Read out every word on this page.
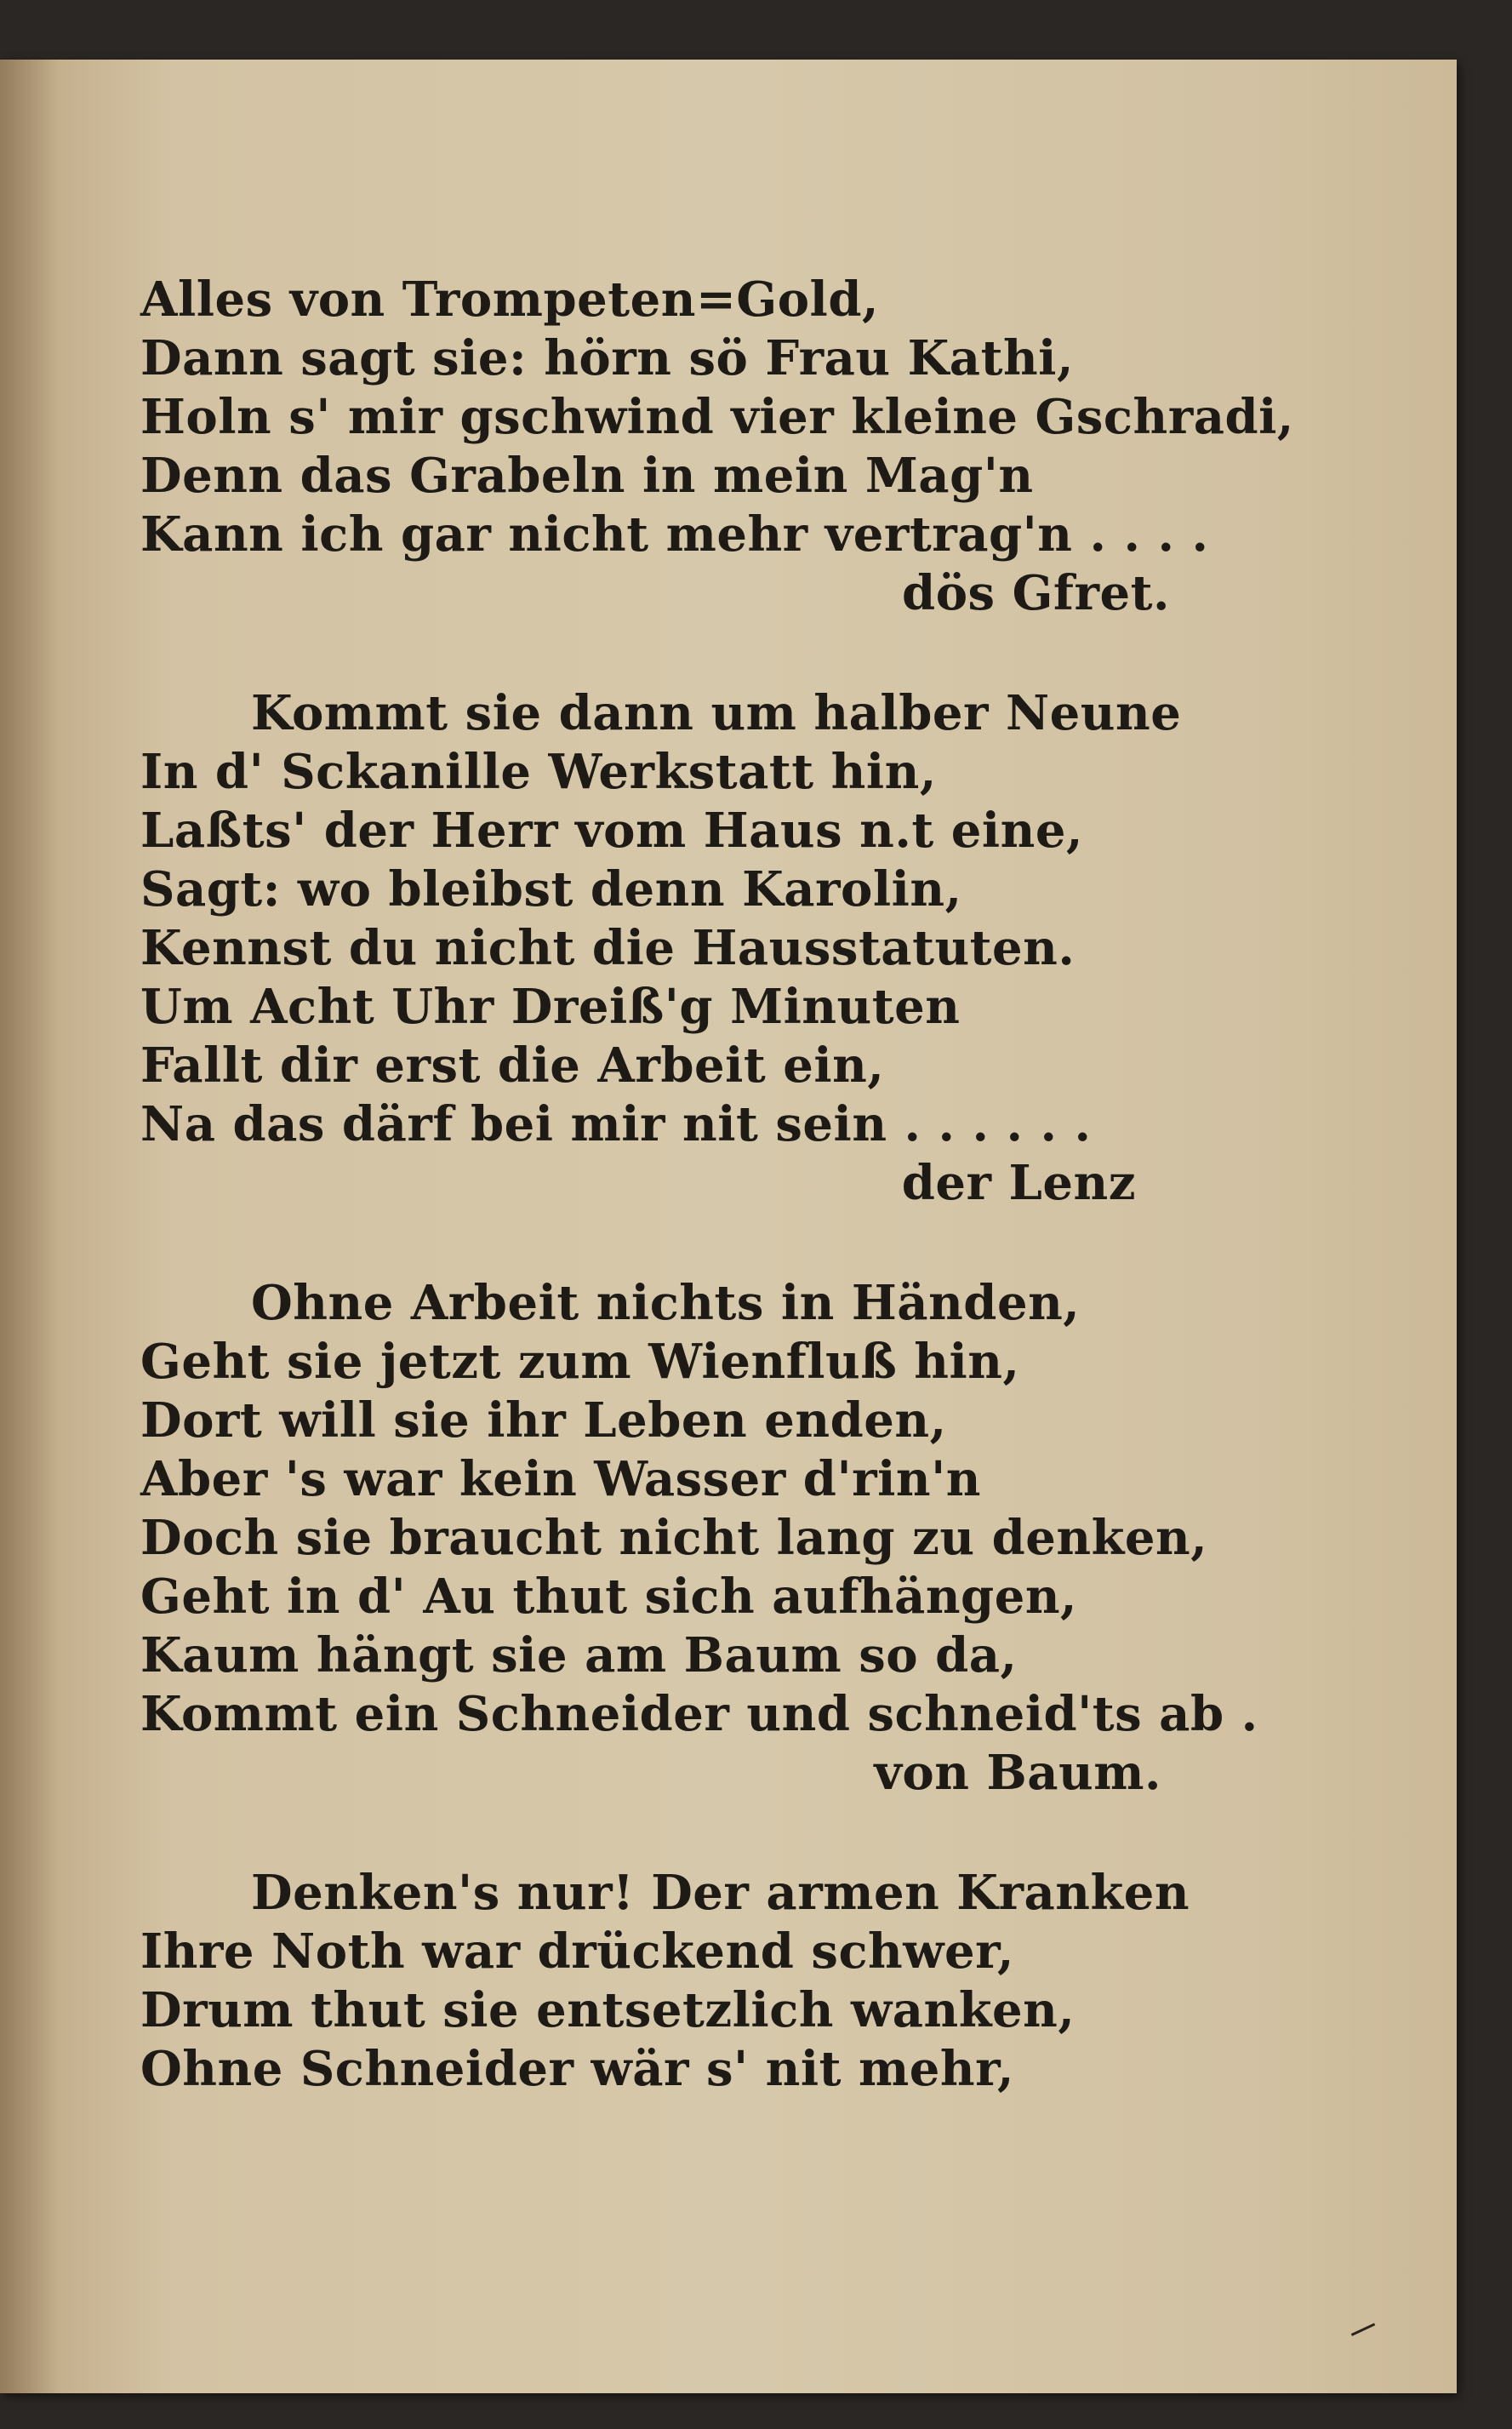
Alles von Trompeten=Gold,
Dann sagt sie: hörn sö Frau Kathi,
Holn s' mir gschwind vier kleine Gschradi,
Denn das Grabeln in mein Mag'n
Kann ich gar nicht mehr vertrag'n . . . .
dös Gfret.
Kommt sie dann um halber Neune
In d' Sckanille Werkstatt hin,
Laßts' der Herr vom Haus n.t eine,
Sagt: wo bleibst denn Karolin,
Kennst du nicht die Hausstatuten.
Um Acht Uhr Dreiß'g Minuten
Fallt dir erst die Arbeit ein,
Na das därf bei mir nit sein . . . . . .
der Lenz
Ohne Arbeit nichts in Händen,
Geht sie jetzt zum Wienfluß hin,
Dort will sie ihr Leben enden,
Aber 's war kein Wasser d'rin'n
Doch sie braucht nicht lang zu denken,
Geht in d' Au thut sich aufhängen,
Kaum hängt sie am Baum so da,
Kommt ein Schneider und schneid'ts ab .
von Baum.
Denken's nur! Der armen Kranken
Ihre Noth war drückend schwer,
Drum thut sie entsetzlich wanken,
Ohne Schneider wär s' nit mehr,
